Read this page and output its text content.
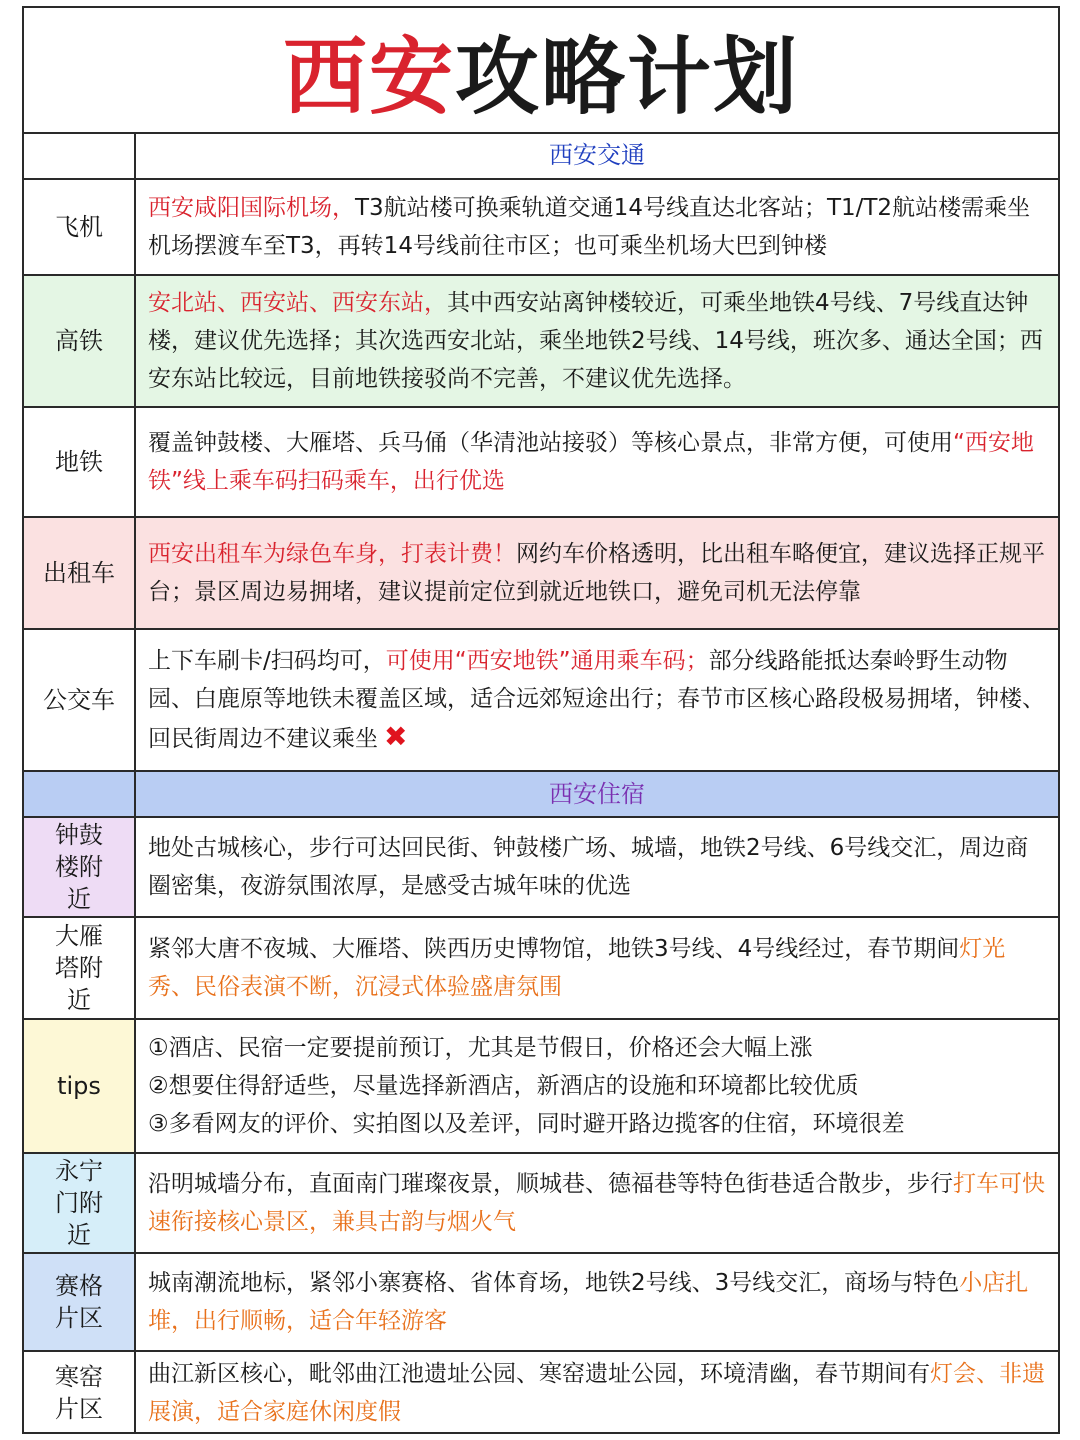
西安 攻略计划
西安交通
飞机

西安咸阳国际机场，T3航站楼可换乘轨道交通14号线直达北客站；T1/T2航站楼需乘坐机场摆渡车至T3，再转14号线前往市区；也可乘坐机场大巴到钟楼

高铁

安北站、西安站、西安东站，其中西安站离钟楼较近，可乘坐地铁4号线、7号线直达钟楼，建议优先选择；其次选西安北站，乘坐地铁2号线、14号线，班次多、通达全国；西安东站比较远，目前地铁接驳尚不完善，不建议优先选择。

地铁

覆盖钟鼓楼、大雁塔、兵马俑（华清池站接驳）等核心景点，非常方便，可使用“西安地铁”线上乘车码扫码乘车，出行优选

出租车

西安出租车为绿色车身，打表计费！网约车价格透明，比出租车略便宜，建议选择正规平台；景区周边易拥堵，建议提前定位到就近地铁口，避免司机无法停靠

公交车

上下车刷卡/扫码均可，可使用“西安地铁”通用乘车码；部分线路能抵达秦岭野生动物园、白鹿原等地铁未覆盖区域，适合远郊短途出行；春节市区核心路段极易拥堵，钟楼、回民街周边不建议乘坐 ✖

西安住宿
钟鼓楼附近

地处古城核心，步行可达回民街、钟鼓楼广场、城墙，地铁2号线、6号线交汇，周边商圈密集，夜游氛围浓厚，是感受古城年味的优选

大雁塔附近

紧邻大唐不夜城、大雁塔、陕西历史博物馆，地铁3号线、4号线经过，春节期间灯光秀、民俗表演不断，沉浸式体验盛唐氛围

tips
①酒店、民宿一定要提前预订，尤其是节假日，价格还会大幅上涨
②想要住得舒适些，尽量选择新酒店，新酒店的设施和环境都比较优质
③多看网友的评价、实拍图以及差评，同时避开路边揽客的住宿，环境很差
永宁门附近

沿明城墙分布，直面南门璀璨夜景，顺城巷、德福巷等特色街巷适合散步，步行打车可快速衔接核心景区，兼具古韵与烟火气

赛格片区

城南潮流地标，紧邻小寨赛格、省体育场，地铁2号线、3号线交汇，商场与特色小店扎堆，出行顺畅，适合年轻游客

寒窑片区

曲江新区核心，毗邻曲江池遗址公园、寒窑遗址公园，环境清幽，春节期间有灯会、非遗展演，适合家庭休闲度假
